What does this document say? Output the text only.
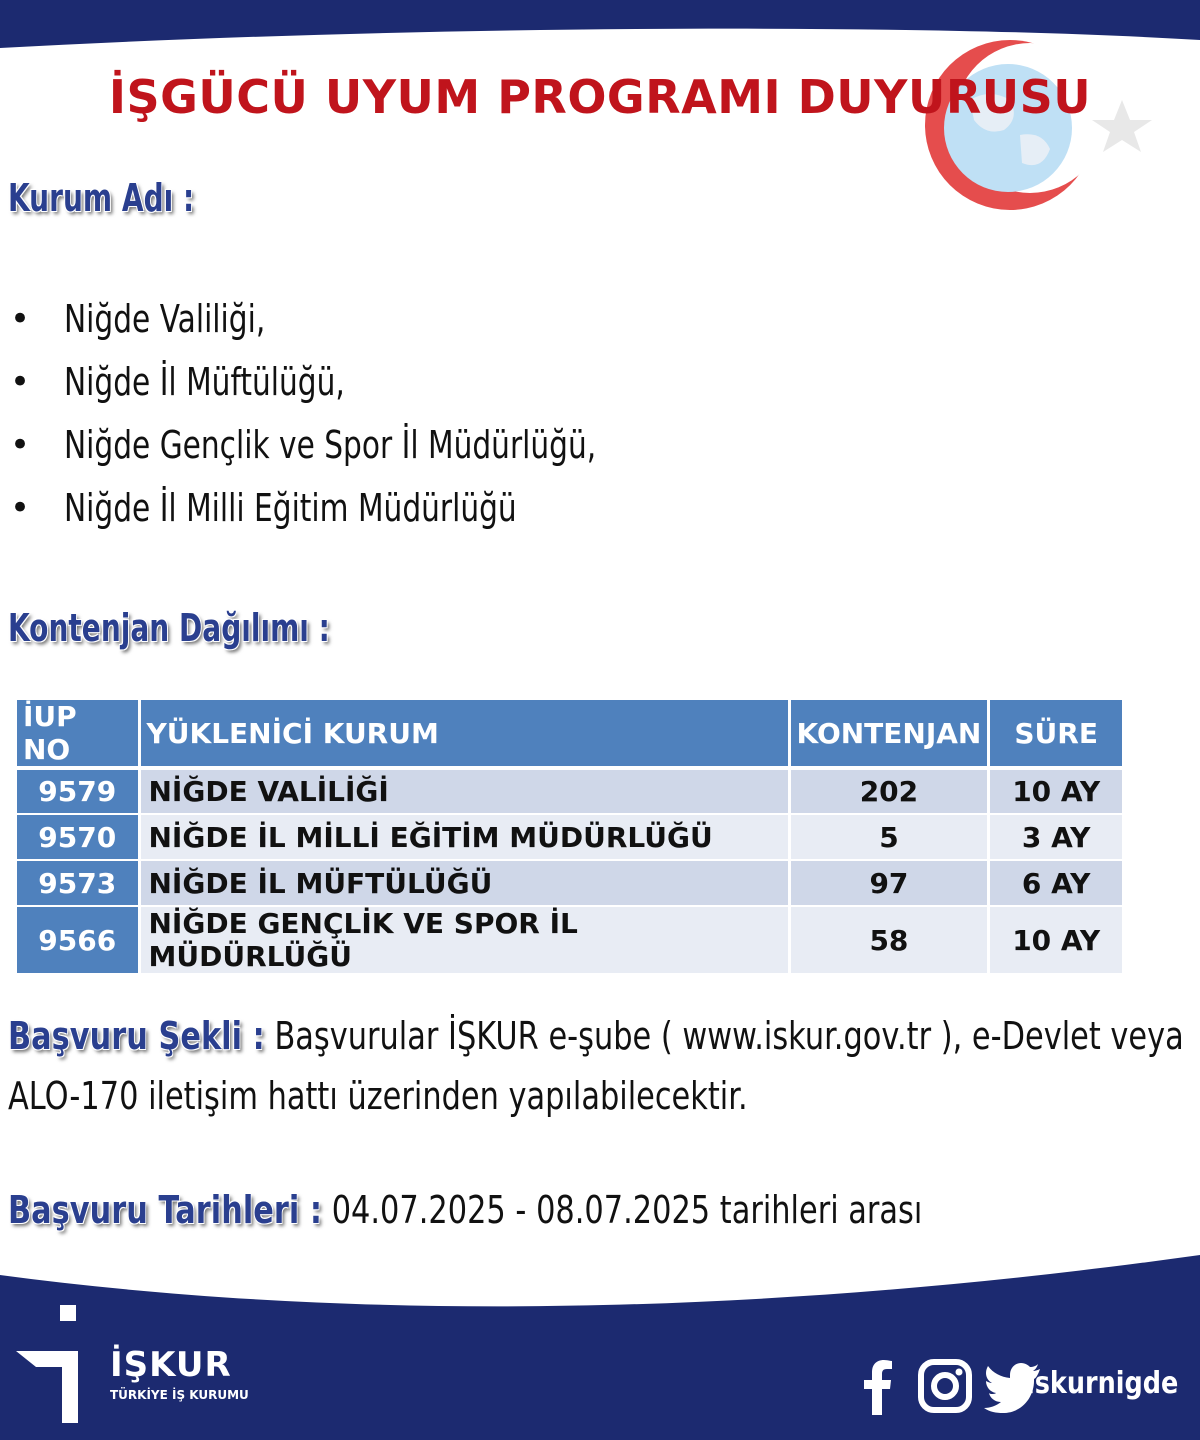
İŞGÜCÜ UYUM PROGRAMI DUYURUSU
Kurum Adı :
• Niğde Valiliği,
• Niğde İl Müftülüğü,
• Niğde Gençlik ve Spor İl Müdürlüğü,
• Niğde İl Milli Eğitim Müdürlüğü
Kontenjan Dağılımı :
İUP NO	YÜKLENİCİ KURUM	KONTENJAN	SÜRE
9579	NİĞDE VALİLİĞİ	202	10 AY
9570	NİĞDE İL MİLLİ EĞİTİM MÜDÜRLÜĞÜ	5	3 AY
9573	NİĞDE İL MÜFTÜLÜĞÜ	97	6 AY
9566	NİĞDE GENÇLİK VE SPOR İL MÜDÜRLÜĞÜ	58	10 AY
Başvuru Şekli : Başvurular İŞKUR e-şube ( www.iskur.gov.tr ), e-Devlet veya
ALO-170 iletişim hattı üzerinden yapılabilecektir.
Başvuru Tarihleri : 04.07.2025 - 08.07.2025 tarihleri arası
İŞKUR
TÜRKİYE İŞ KURUMU	iskurnigde
